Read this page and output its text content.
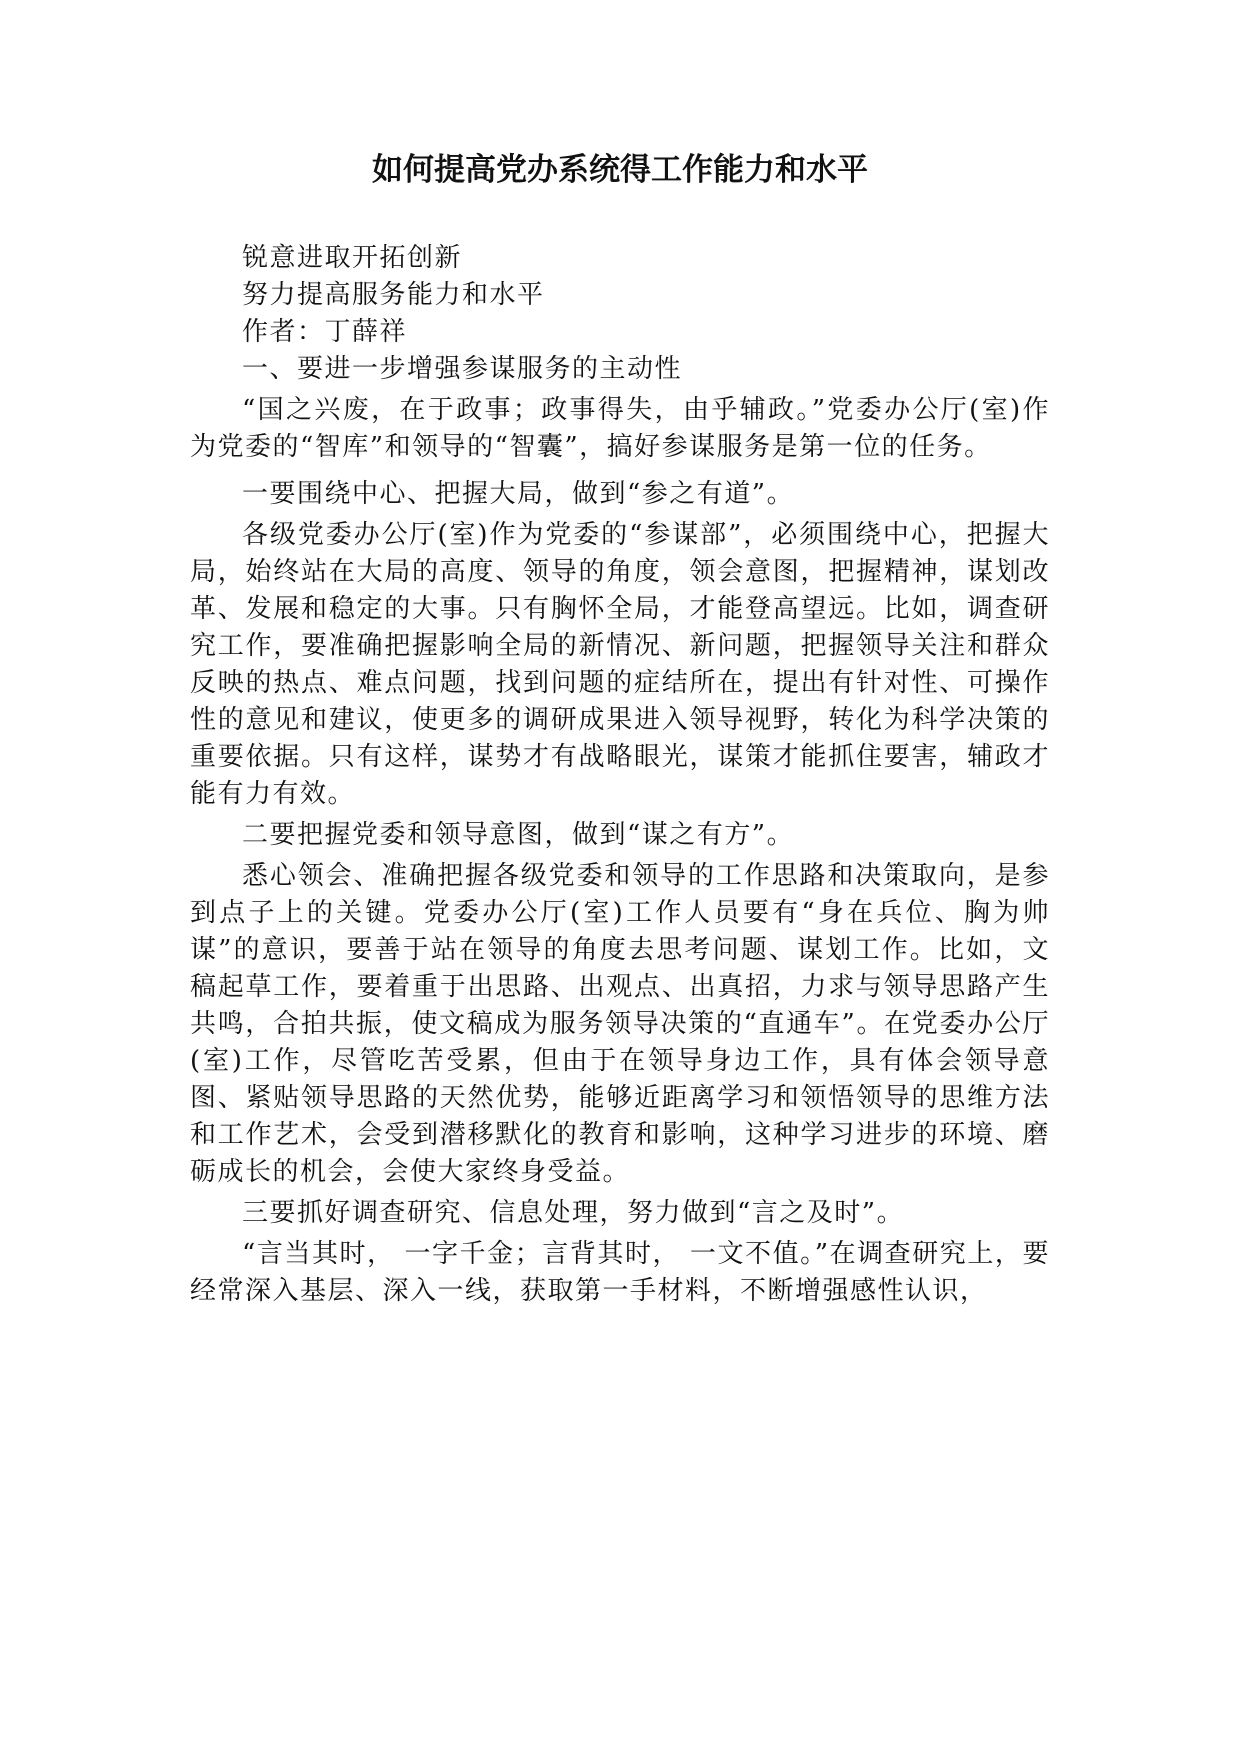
如何提高党办系统得工作能力和水平

锐意进取开拓创新

努力提高服务能力和水平

作者：丁薛祥

一、要进一步增强参谋服务的主动性

“国之兴废，在于政事；政事得失，由乎辅政。”党委办公厅(室)作为党委的“智库”和领导的“智囊”，搞好参谋服务是第一位的任务。

一要围绕中心、把握大局，做到“参之有道”。

各级党委办公厅(室)作为党委的“参谋部”，必须围绕中心，把握大局，始终站在大局的高度、领导的角度，领会意图，把握精神，谋划改革、发展和稳定的大事。只有胸怀全局，才能登高望远。比如，调查研究工作，要准确把握影响全局的新情况、新问题，把握领导关注和群众反映的热点、难点问题，找到问题的症结所在，提出有针对性、可操作性的意见和建议，使更多的调研成果进入领导视野，转化为科学决策的重要依据。只有这样，谋势才有战略眼光，谋策才能抓住要害，辅政才能有力有效。

二要把握党委和领导意图，做到“谋之有方”。

悉心领会、准确把握各级党委和领导的工作思路和决策取向，是参到点子上的关键。党委办公厅(室)工作人员要有“身在兵位、胸为帅谋”的意识，要善于站在领导的角度去思考问题、谋划工作。比如，文稿起草工作，要着重于出思路、出观点、出真招，力求与领导思路产生共鸣，合拍共振，使文稿成为服务领导决策的“直通车”。在党委办公厅(室)工作，尽管吃苦受累，但由于在领导身边工作，具有体会领导意图、紧贴领导思路的天然优势，能够近距离学习和领悟领导的思维方法和工作艺术，会受到潜移默化的教育和影响，这种学习进步的环境、磨砺成长的机会，会使大家终身受益。

三要抓好调查研究、信息处理，努力做到“言之及时”。

“言当其时， 一字千金；言背其时， 一文不值。”在调查研究上，要经常深入基层、深入一线，获取第一手材料，不断增强感性认识，
